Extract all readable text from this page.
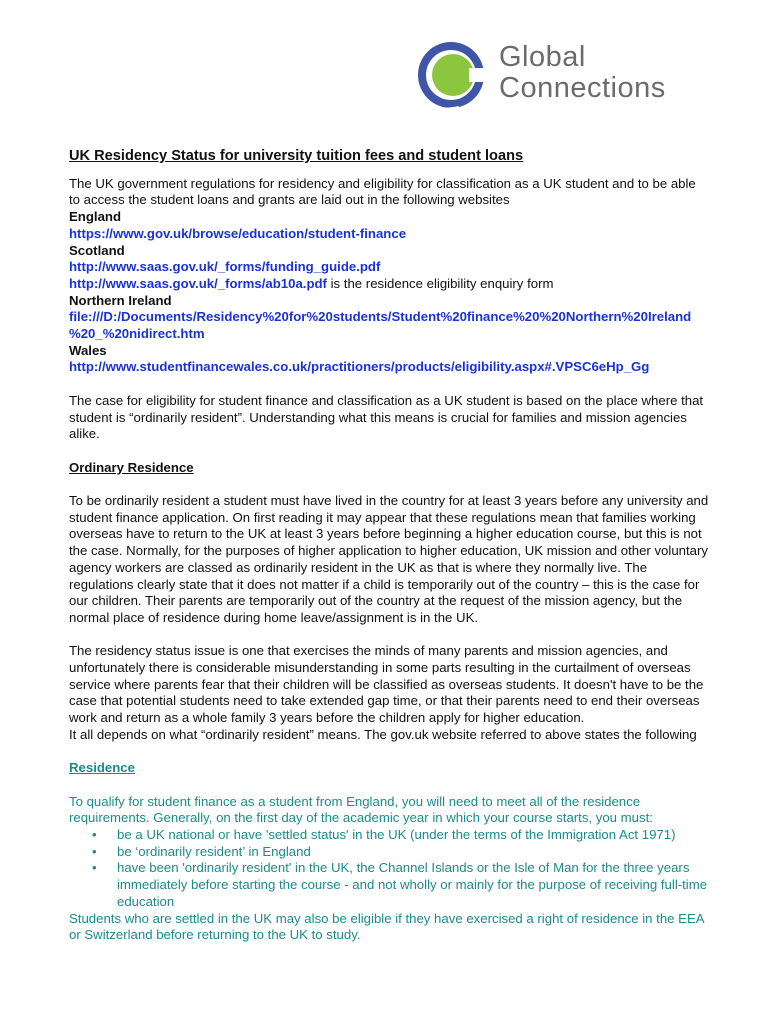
Global
Connections

UK Residency Status for university tuition fees and student loans

The UK government regulations for residency and eligibility for classification as a UK student and to be able to access the student loans and grants are laid out in the following websites

England

https://www.gov.uk/browse/education/student-finance

Scotland

http://www.saas.gov.uk/_forms/funding_guide.pdf

http://www.saas.gov.uk/_forms/ab10a.pdf is the residence eligibility enquiry form

Northern Ireland

file:///D:/Documents/Residency%20for%20students/Student%20finance%20%20Northern%20Ireland %20_%20nidirect.htm

Wales

http://www.studentfinancewales.co.uk/practitioners/products/eligibility.aspx#.VPSC6eHp_Gg

The case for eligibility for student finance and classification as a UK student is based on the place where that student is “ordinarily resident”. Understanding what this means is crucial for families and mission agencies alike.

Ordinary Residence

To be ordinarily resident a student must have lived in the country for at least 3 years before any university and student finance application. On first reading it may appear that these regulations mean that families working overseas have to return to the UK at least 3 years before beginning a higher education course, but this is not the case. Normally, for the purposes of higher application to higher education, UK mission and other voluntary agency workers are classed as ordinarily resident in the UK as that is where they normally live. The regulations clearly state that it does not matter if a child is temporarily out of the country – this is the case for our children. Their parents are temporarily out of the country at the request of the mission agency, but the normal place of residence during home leave/assignment is in the UK.

The residency status issue is one that exercises the minds of many parents and mission agencies, and unfortunately there is considerable misunderstanding in some parts resulting in the curtailment of overseas service where parents fear that their children will be classified as overseas students. It doesn't have to be the case that potential students need to take extended gap time, or that their parents need to end their overseas work and return as a whole family 3 years before the children apply for higher education.

It all depends on what “ordinarily resident” means. The gov.uk website referred to above states the following

Residence

To qualify for student finance as a student from England, you will need to meet all of the residence requirements. Generally, on the first day of the academic year in which your course starts, you must:

• be a UK national or have 'settled status' in the UK (under the terms of the Immigration Act 1971)
• be ‘ordinarily resident’ in England
• have been 'ordinarily resident' in the UK, the Channel Islands or the Isle of Man for the three years immediately before starting the course - and not wholly or mainly for the purpose of receiving full-time education

Students who are settled in the UK may also be eligible if they have exercised a right of residence in the EEA or Switzerland before returning to the UK to study.
